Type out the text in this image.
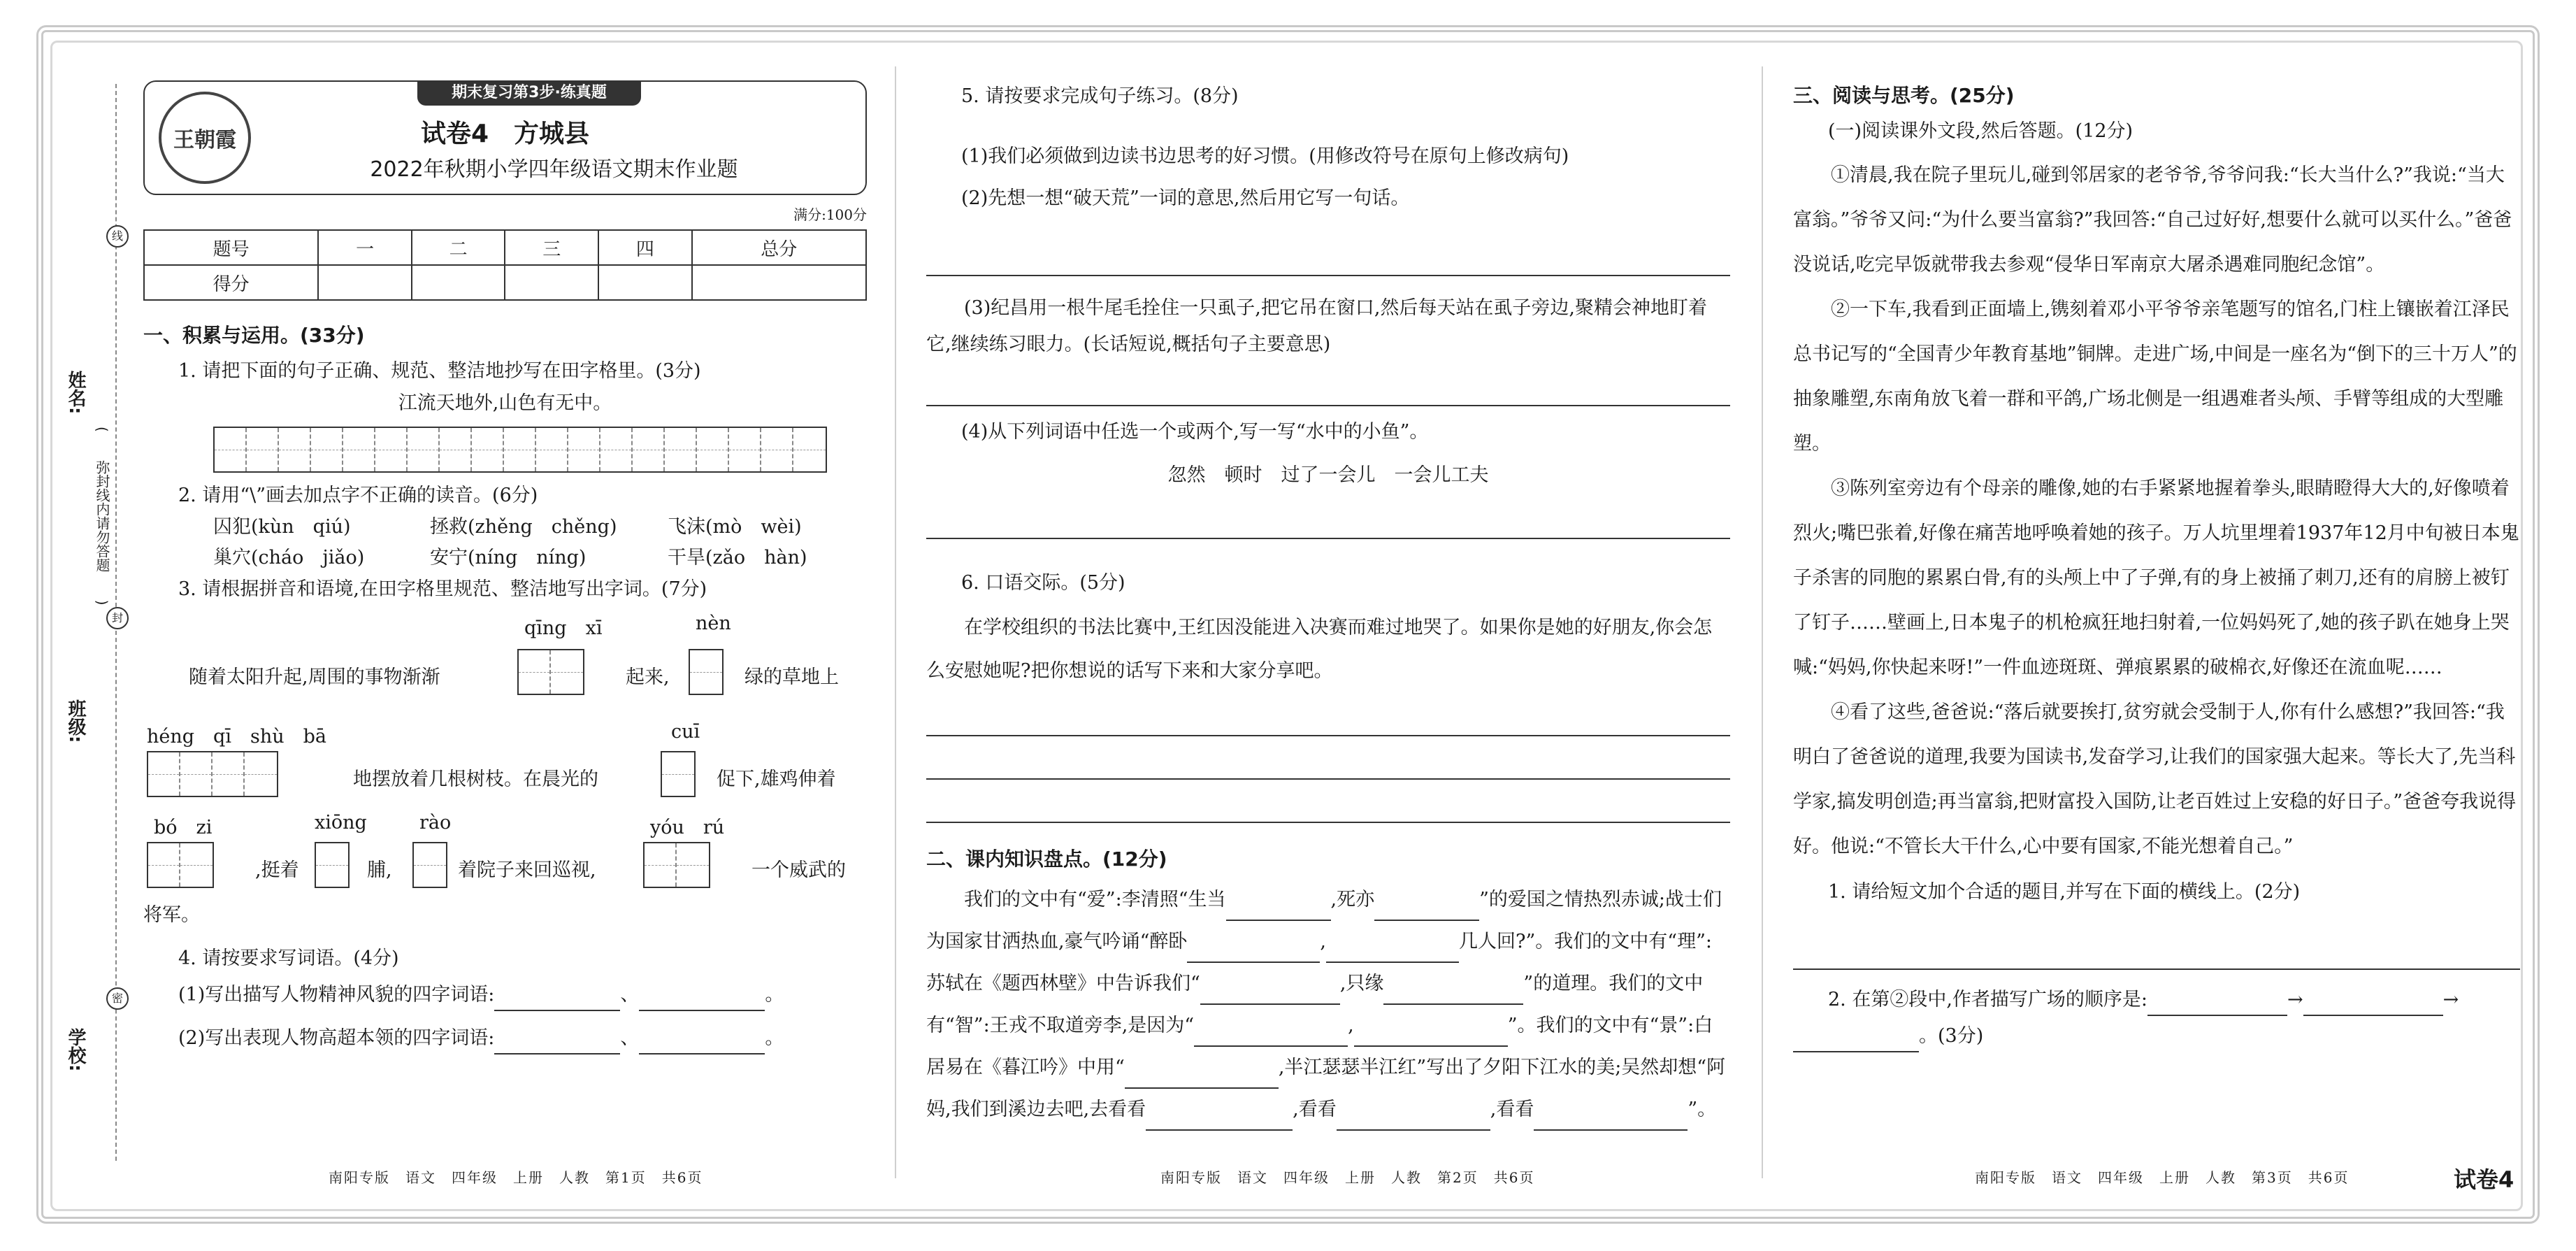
线
封
密
姓名:
班级:
学校:
(　　弥封线内请勿答题　　)
期末复习第3步·练真题
王朝霞	试卷4　方城县
2022年秋期小学四年级语文期末作业题
满分:100分
题号	一	二	三	四	总分
得分					
一、积累与运用。(33分)

1. 请把下面的句子正确、规范、整洁地抄写在田字格里。(3分)

江流天地外,山色有无中。

2. 请用“\”画去加点字不正确的读音。(6分)

囚犯(kùn　qiú)	拯救(zhěng　chěng)	飞沫(mò　wèi)
巢穴(cháo　jiǎo)	安宁(níng　níng)	干旱(zǎo　hàn)

3. 请根据拼音和语境,在田字格里规范、整洁地写出字词。(7分)

qīng　xī	nèn
随着太阳升起,周围的事物渐渐	起来,	绿的草地上
héng　qī　shù　bā	cuī
地摆放着几根树枝。在晨光的	促下,雄鸡伸着
bó　zi	xiōng	rào	yóu　rú
,挺着	脯,	着院子来回巡视,	一个威武的

将军。

4. 请按要求写词语。(4分)

(1)写出描写人物精神风貌的四字词语:	、	。

(2)写出表现人物高超本领的四字词语:	、	。

南阳专版　语文　四年级　上册　人教　第1页　共6页

5. 请按要求完成句子练习。(8分)

(1)我们必须做到边读书边思考的好习惯。(用修改符号在原句上修改病句)

(2)先想一想“破天荒”一词的意思,然后用它写一句话。

(3)纪昌用一根牛尾毛拴住一只虱子,把它吊在窗口,然后每天站在虱子旁边,聚精会神地盯着它,继续练习眼力。(长话短说,概括句子主要意思)

(4)从下列词语中任选一个或两个,写一写“水中的小鱼”。

忽然　顿时　过了一会儿　一会儿工夫

6. 口语交际。(5分)

在学校组织的书法比赛中,王红因没能进入决赛而难过地哭了。如果你是她的好朋友,你会怎么安慰她呢?把你想说的话写下来和大家分享吧。

二、课内知识盘点。(12分)

我们的文中有“爱”:李清照“生当	,死亦	”的爱国之情热烈赤诚;战士们为国家甘洒热血,豪气吟诵“醉卧	,	几人回?”。我们的文中有“理”:苏轼在《题西林壁》中告诉我们“	,只缘	”的道理。我们的文中有“智”:王戎不取道旁李,是因为“	,	”。我们的文中有“景”:白居易在《暮江吟》中用“	,半江瑟瑟半江红”写出了夕阳下江水的美;吴然却想“阿妈,我们到溪边去吧,去看看	,看看	,看看	”。

南阳专版　语文　四年级　上册　人教　第2页　共6页
三、阅读与思考。(25分)

(一)阅读课外文段,然后答题。(12分)

①清晨,我在院子里玩儿,碰到邻居家的老爷爷,爷爷问我:“长大当什么?”我说:“当大富翁。”爷爷又问:“为什么要当富翁?”我回答:“自己过好好,想要什么就可以买什么。”爸爸没说话,吃完早饭就带我去参观“侵华日军南京大屠杀遇难同胞纪念馆”。

②一下车,我看到正面墙上,镌刻着邓小平爷爷亲笔题写的馆名,门柱上镶嵌着江泽民总书记写的“全国青少年教育基地”铜牌。走进广场,中间是一座名为“倒下的三十万人”的抽象雕塑,东南角放飞着一群和平鸽,广场北侧是一组遇难者头颅、手臂等组成的大型雕塑。

③陈列室旁边有个母亲的雕像,她的右手紧紧地握着拳头,眼睛瞪得大大的,好像喷着烈火;嘴巴张着,好像在痛苦地呼唤着她的孩子。万人坑里埋着1937年12月中旬被日本鬼子杀害的同胞的累累白骨,有的头颅上中了子弹,有的身上被捅了刺刀,还有的肩膀上被钉了钉子……壁画上,日本鬼子的机枪疯狂地扫射着,一位妈妈死了,她的孩子趴在她身上哭喊:“妈妈,你快起来呀!”一件血迹斑斑、弹痕累累的破棉衣,好像还在流血呢……

④看了这些,爸爸说:“落后就要挨打,贫穷就会受制于人,你有什么感想?”我回答:“我明白了爸爸说的道理,我要为国读书,发奋学习,让我们的国家强大起来。等长大了,先当科学家,搞发明创造;再当富翁,把财富投入国防,让老百姓过上安稳的好日子。”爸爸夸我说得好。他说:“不管长大干什么,心中要有国家,不能光想着自己。”

1. 请给短文加个合适的题目,并写在下面的横线上。(2分)

2. 在第②段中,作者描写广场的顺序是:	→	→

。(3分)

南阳专版　语文　四年级　上册　人教　第3页　共6页	试卷4
